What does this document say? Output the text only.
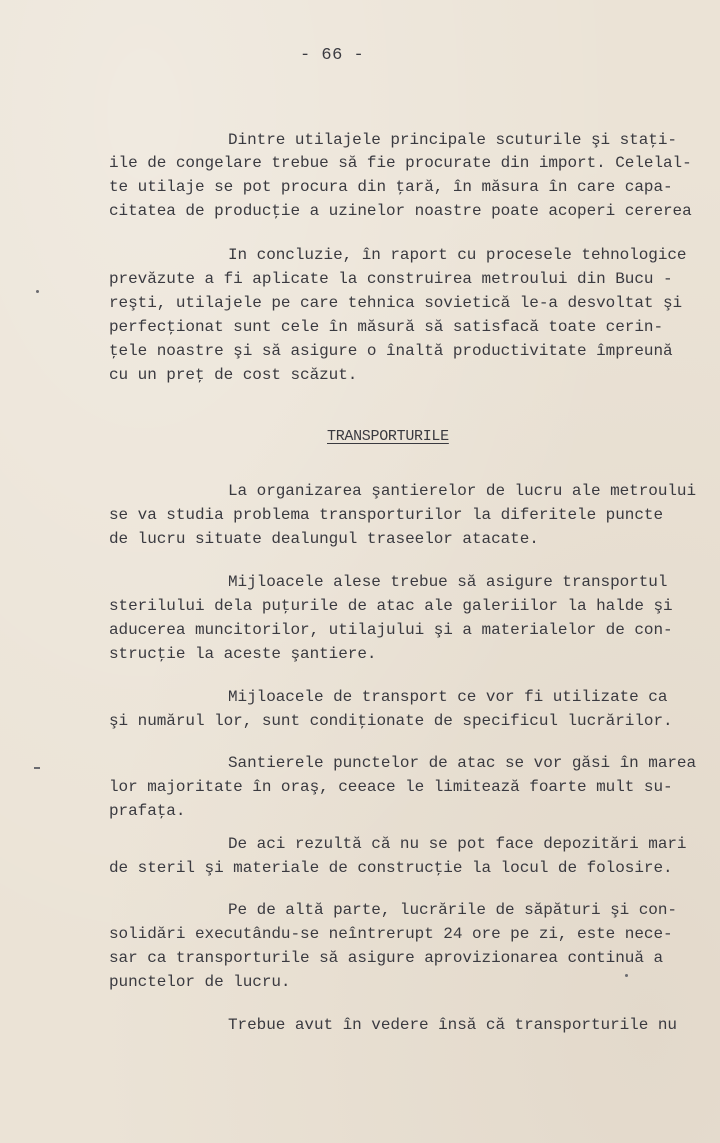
- 66 -
Dintre utilajele principale scuturile şi staţi-
ile de congelare trebue să fie procurate din import. Celelal-
te utilaje se pot procura din ţară, în măsura în care capa-
citatea de producţie a uzinelor noastre poate acoperi cererea
In concluzie, în raport cu procesele tehnologice
prevăzute a fi aplicate la construirea metroului din Bucu -
reşti, utilajele pe care tehnica sovietică le-a desvoltat şi
perfecţionat sunt cele în măsură să satisfacă toate cerin-
ţele noastre şi să asigure o înaltă productivitate împreună
cu un preţ de cost scăzut.
TRANSPORTURILE
La organizarea şantierelor de lucru ale metroului
se va studia problema transporturilor la diferitele puncte
de lucru situate dealungul traseelor atacate.
Mijloacele alese trebue să asigure transportul
sterilului dela puţurile de atac ale galeriilor la halde şi
aducerea muncitorilor, utilajului şi a materialelor de con-
strucţie la aceste şantiere.
Mijloacele de transport ce vor fi utilizate ca
şi numărul lor, sunt condiţionate de specificul lucrărilor.
Santierele punctelor de atac se vor găsi în marea
lor majoritate în oraş, ceeace le limitează foarte mult su-
prafaţa.
De aci rezultă că nu se pot face depozitări mari
de steril şi materiale de construcţie la locul de folosire.
Pe de altă parte, lucrările de săpături şi con-
solidări executându-se neîntrerupt 24 ore pe zi, este nece-
sar ca transporturile să asigure aprovizionarea continuă a
punctelor de lucru.
Trebue avut în vedere însă că transporturile nu
